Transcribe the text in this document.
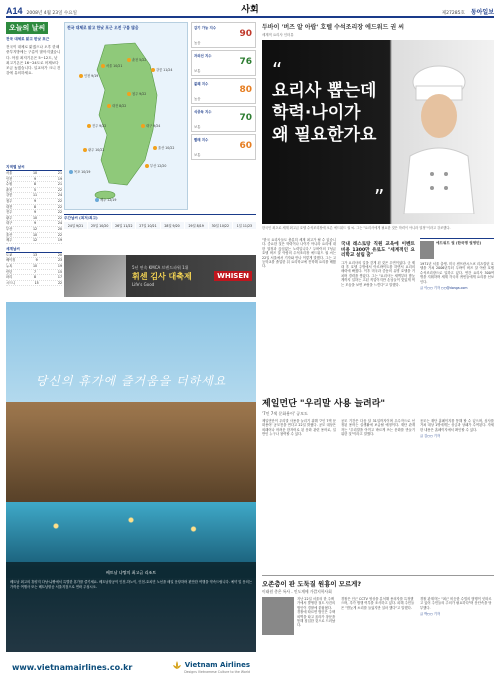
A14 2008년 4월 23일 수요일	사회	제27285호 동아일보
오늘의 날씨
전국 대체로 맑고 한낮 포근
전국이 대체로 맑겠으나 오후 한때 중부지방에는 구름이 많아지겠습니다. 아침 최저기온은 5~12도, 낮 최고기온은 16~24도로 어제보다 조금 높겠습니다. 일교차가 크니 건강에 유의하세요.
전국 대체로 맑고 한낮 포근 오전 구름 많음
서울 10/21
인천 9/19
춘천 5/22
강릉 11/24
대전 8/22
청주 9/22
전주 9/22
광주 10/22
대구 9/24
부산 12/20
울산 10/22
목포 10/19
제주 12/19
감기 가능 지수
90
높음
자외선 지수
76
보통
불쾌 지수
80
높음
식중독 지수
70
보통
빨래 지수
60
보통
지역별 날씨
서울	10	21
인천	9	19
수원	8	21
춘천	5	22
강릉	11	24
청주	9	22
대전	8	22
전주	9	22
광주	10	22
대구	9	24
부산	12	20
울산	10	22
제주	12	19
세계날씨
도쿄	13	20
베이징	9	23
뉴욕	10	19
런던	7	15
파리	8	17
시드니	15	22
주간날씨 (최저/최고)
24일 9/21	25일 10/20	26일 11/22	27일 10/21	28일 9/20	29일 8/19	30일 10/22	1일 11/23
5년 연속 KMCA 브랜드파워 1위
휘센 김사 대축제
Life's Good
WHISEN
두바이 '버즈 알 아랍' 호텔 수석조리장 에드워드 권 씨
세계적 요리사 인터뷰
“
요리사 뽑는데
학력·나이가
왜 필요한가요
”
한국인 최초로 세계 최고급 호텔 수석조리장에 오른 에드워드 권 씨. 그는 "요리사에게 필요한 것은 학력이 아니라 열정"이라고 강조했다.
"한국 요리사들도 충분히 세계 최고가 될 수 있습니다. 중요한 것은 학력이나 나이가 아니라 요리에 대한 열정과 끊임없는 노력입니다." 두바이의 7성급 호텔 버즈 알 아랍의 수석조리장 에드워드 권 씨는 22일 서울에서 기자와 만나 이렇게 말했다. 그는 고등학교를 졸업한 뒤 요리학교에 진학해 요리를 배웠다.
국내 레스토랑 직원 교육에 이벤트 비용 1300만 유로도 "세계적인 요리학교 설립 꿈"
그가 요리사의 길을 걷게 된 것은 우연이었다. 군 제대 후 호텔 주방에서 아르바이트를 하면서 요리의 매력에 빠졌다. 이후 미국과 중동의 유명 호텔을 거치며 경력을 쌓았다. 그는 "요리사는 새벽부터 밤늦게까지 일하는 고된 직업이지만 손님들이 맛있게 먹는 모습을 보면 보람을 느낀다"고 말했다.
에드워드 권 (한국명 권영민)
1971년 서울 출생. 미국 샌프란시스코 리츠칼턴 호텔을 거쳐 2006년부터 두바이 버즈 알 아랍 호텔 수석조리장으로 일하고 있다. 연간 요리사 300여 명을 지휘하며 세계 각국의 귀빈들에게 요리를 선보인다.
글 이○○ 기자 ○○@donga.com
제일먼단 "우리말 사용 늘려라"
'7인 7색 문화용어' 공모도
제일먼단이 우리말 사용을 늘리기 위해 '7인 7색 문화용어' 공모전을 연다고 22일 밝혔다. 공모 대상은 외래어나 어려운 한자어로 된 문화 관련 용어로, 일반인 누구나 참여할 수 있다.
공모 기간은 다음 달 31일까지이며 우수작으로 선정된 용어는 실생활에 보급될 예정이다. 재단 관계자는 "우리말을 아끼고 바르게 쓰는 문화를 만들기 위한 것"이라고 말했다.
응모는 재단 홈페이지를 통해 할 수 있으며, 심사를 거쳐 대상 1명에게는 상금과 상패가 수여된다. 자세한 내용은 홈페이지에서 확인할 수 있다.
글 김○○ 기자
오존층이 판 도둑질 원흉이 모르게?
이태원 총은 특사 - 인도계에 가깝지학사회
지난 22일 서울의 한 주택가에서 발생한 절도 사건의 범인이 경찰에 붙잡혔다. 경찰에 따르면 범인은 주택 외벽을 타고 올라가 창문을 통해 침입한 것으로 드러났다.
경찰은 인근 CCTV 영상을 분석해 용의자를 특정했으며, 추가 범행 여부를 조사하고 있다. 피해 주민들은 "밤늦게 소리를 들었지만 설마 했다"고 말했다.
경찰 관계자는 "최근 비슷한 수법의 범행이 잇따르고 있어 주민들의 주의가 필요하다"며 문단속을 당부했다.
글 박○○ 기자
당신의 휴가에 즐거움을 더하세요
베트남 냐짱의 최고급 리조트
베트남 최고의 휴양지 다낭·냐짱에서 특별한 휴가를 즐기세요. 베트남항공이 인천-하노이, 인천-호치민 노선을 매일 운항하며 편안한 여행을 약속드립니다. 예약 및 문의는 가까운 여행사 또는 베트남항공 서울지점으로 연락 주십시오.
www.vietnamairlines.co.kr	Vietnam Airlines
Designs Vietnamese Culture to the World
